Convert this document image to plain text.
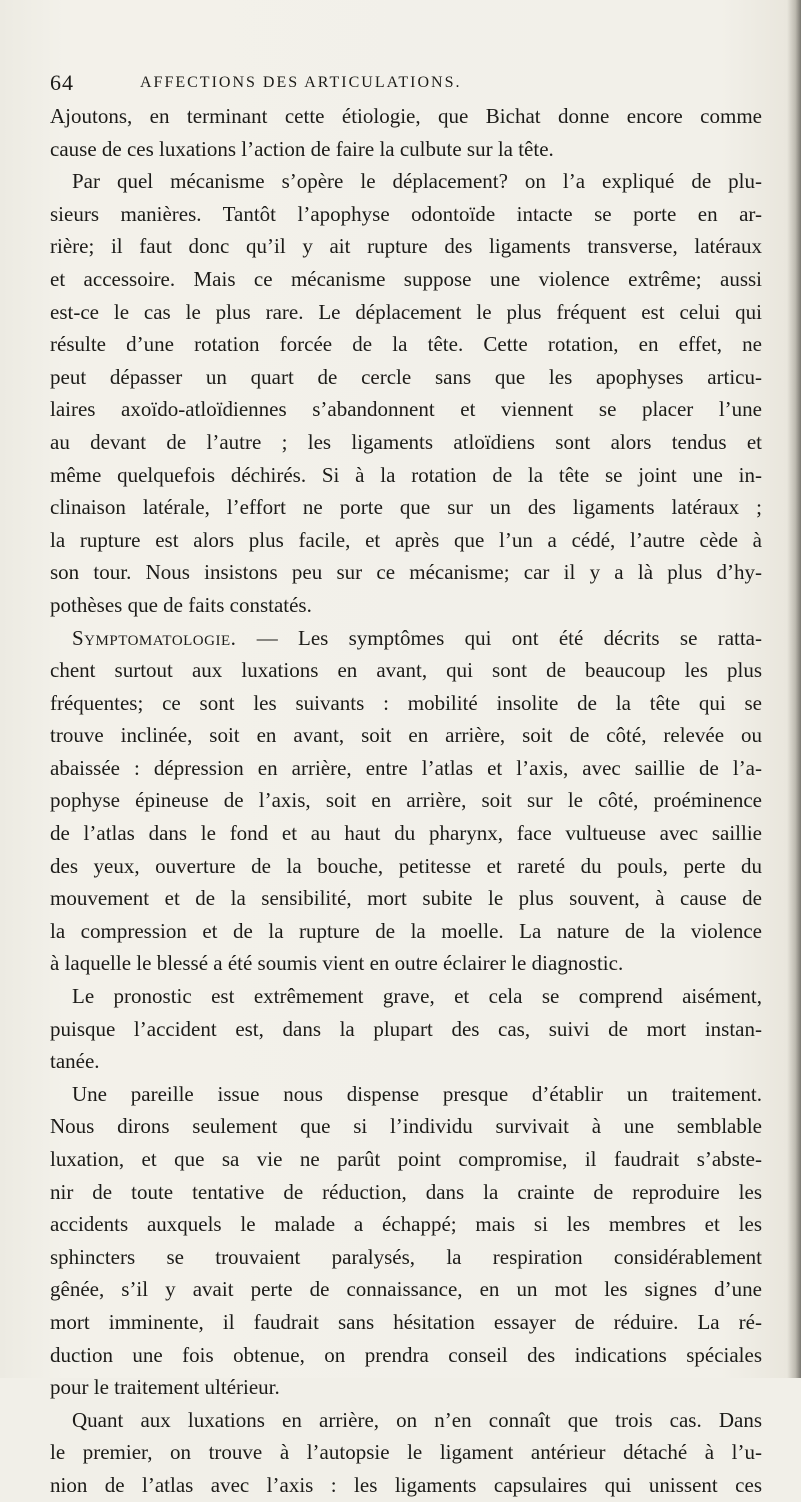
64	AFFECTIONS DES ARTICULATIONS.
Ajoutons, en terminant cette étiologie, que Bichat donne encore comme
cause de ces luxations l’action de faire la culbute sur la tête.
Par quel mécanisme s’opère le déplacement? on l’a expliqué de plu-
sieurs manières. Tantôt l’apophyse odontoïde intacte se porte en ar-
rière; il faut donc qu’il y ait rupture des ligaments transverse, latéraux
et accessoire. Mais ce mécanisme suppose une violence extrême; aussi
est-ce le cas le plus rare. Le déplacement le plus fréquent est celui qui
résulte d’une rotation forcée de la tête. Cette rotation, en effet, ne
peut dépasser un quart de cercle sans que les apophyses articu-
laires axoïdo-atloïdiennes s’abandonnent et viennent se placer l’une
au devant de l’autre ; les ligaments atloïdiens sont alors tendus et
même quelquefois déchirés. Si à la rotation de la tête se joint une in-
clinaison latérale, l’effort ne porte que sur un des ligaments latéraux ;
la rupture est alors plus facile, et après que l’un a cédé, l’autre cède à
son tour. Nous insistons peu sur ce mécanisme; car il y a là plus d’hy-
pothèses que de faits constatés.
Symptomatologie. — Les symptômes qui ont été décrits se ratta-
chent surtout aux luxations en avant, qui sont de beaucoup les plus
fréquentes; ce sont les suivants : mobilité insolite de la tête qui se
trouve inclinée, soit en avant, soit en arrière, soit de côté, relevée ou
abaissée : dépression en arrière, entre l’atlas et l’axis, avec saillie de l’a-
pophyse épineuse de l’axis, soit en arrière, soit sur le côté, proéminence
de l’atlas dans le fond et au haut du pharynx, face vultueuse avec saillie
des yeux, ouverture de la bouche, petitesse et rareté du pouls, perte du
mouvement et de la sensibilité, mort subite le plus souvent, à cause de
la compression et de la rupture de la moelle. La nature de la violence
à laquelle le blessé a été soumis vient en outre éclairer le diagnostic.
Le pronostic est extrêmement grave, et cela se comprend aisément,
puisque l’accident est, dans la plupart des cas, suivi de mort instan-
tanée.
Une pareille issue nous dispense presque d’établir un traitement.
Nous dirons seulement que si l’individu survivait à une semblable
luxation, et que sa vie ne parût point compromise, il faudrait s’abste-
nir de toute tentative de réduction, dans la crainte de reproduire les
accidents auxquels le malade a échappé; mais si les membres et les
sphincters se trouvaient paralysés, la respiration considérablement
gênée, s’il y avait perte de connaissance, en un mot les signes d’une
mort imminente, il faudrait sans hésitation essayer de réduire. La ré-
duction une fois obtenue, on prendra conseil des indications spéciales
pour le traitement ultérieur.
Quant aux luxations en arrière, on n’en connaît que trois cas. Dans
le premier, on trouve à l’autopsie le ligament antérieur détaché à l’u-
nion de l’atlas avec l’axis : les ligaments capsulaires qui unissent ces
